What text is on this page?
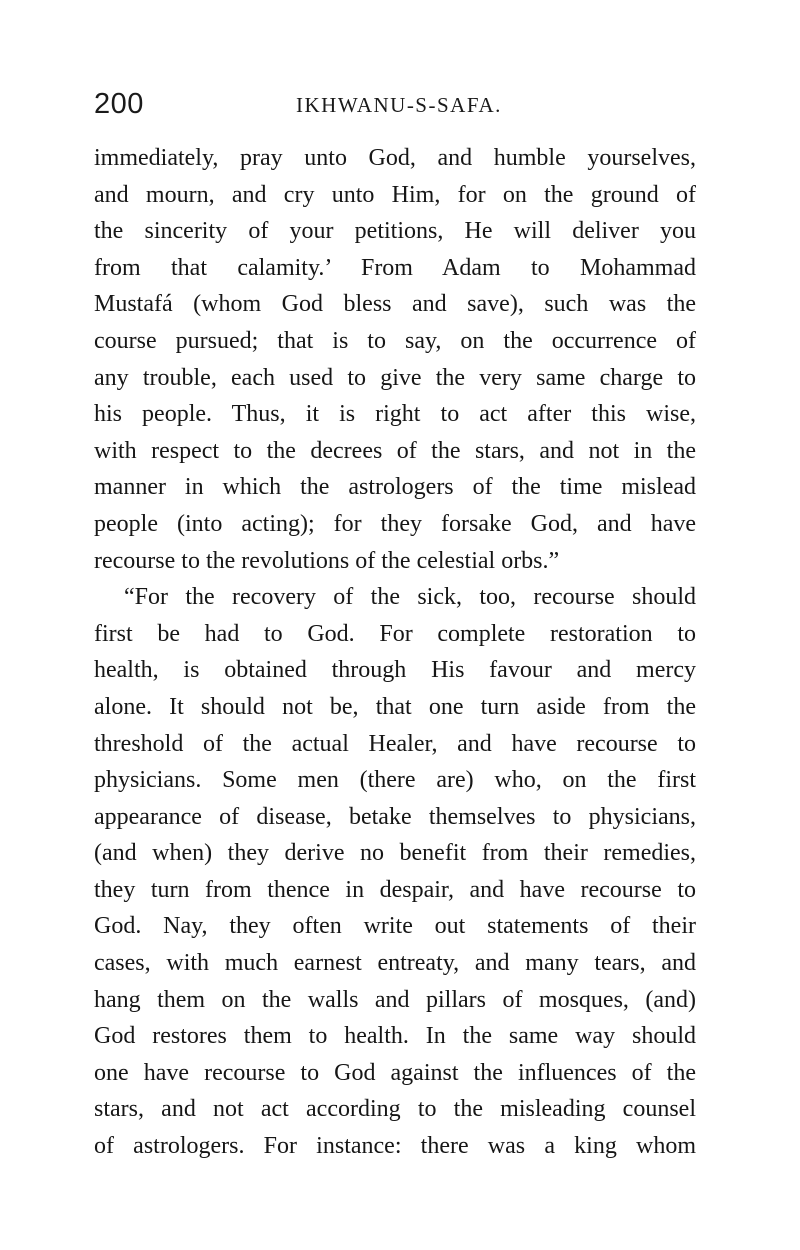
200	IKHWANU-S-SAFA.
immediately, pray unto God, and humble yourselves,
and mourn, and cry unto Him, for on the ground of
the sincerity of your petitions, He will deliver you
from that calamity.’ From Adam to Mohammad
Mustafá (whom God bless and save), such was the
course pursued; that is to say, on the occurrence of
any trouble, each used to give the very same charge to
his people. Thus, it is right to act after this wise,
with respect to the decrees of the stars, and not in the
manner in which the astrologers of the time mislead
people (into acting); for they forsake God, and have
recourse to the revolutions of the celestial orbs.”
“For the recovery of the sick, too, recourse should
first be had to God. For complete restoration to
health, is obtained through His favour and mercy
alone. It should not be, that one turn aside from the
threshold of the actual Healer, and have recourse to
physicians. Some men (there are) who, on the first
appearance of disease, betake themselves to physicians,
(and when) they derive no benefit from their remedies,
they turn from thence in despair, and have recourse to
God. Nay, they often write out statements of their
cases, with much earnest entreaty, and many tears, and
hang them on the walls and pillars of mosques, (and)
God restores them to health. In the same way should
one have recourse to God against the influences of the
stars, and not act according to the misleading counsel
of astrologers. For instance: there was a king whom
